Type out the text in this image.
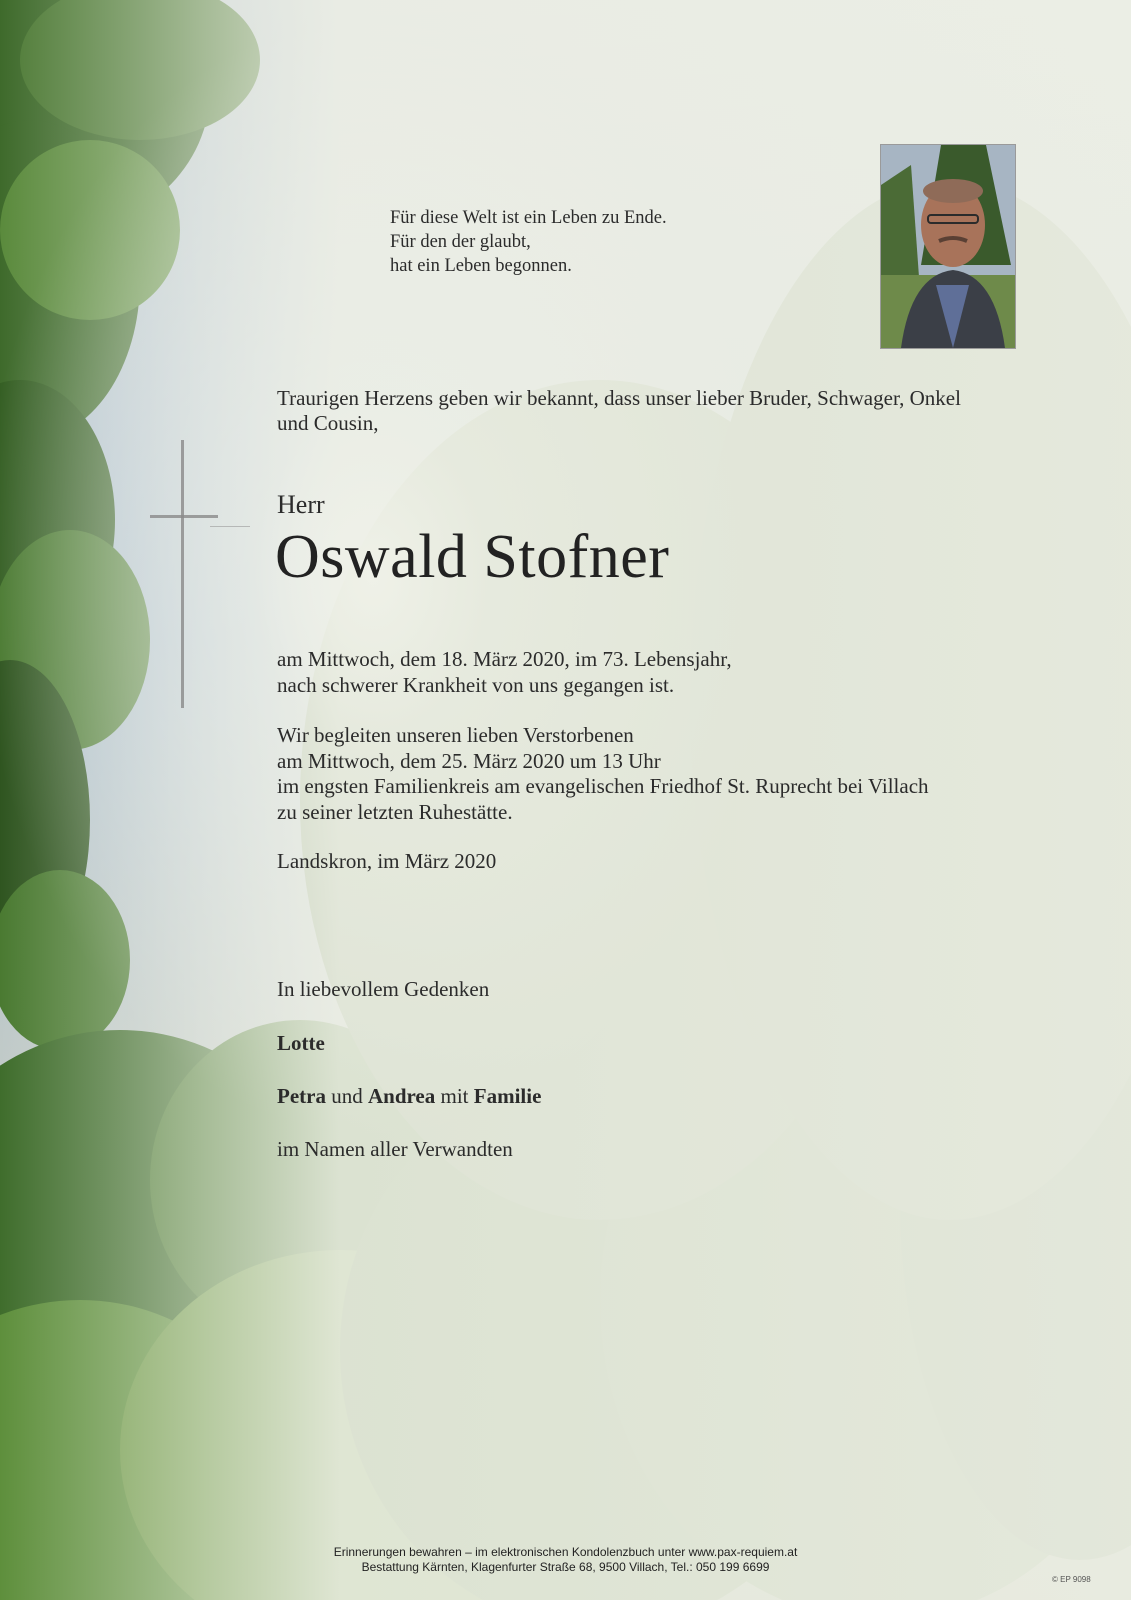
Für diese Welt ist ein Leben zu Ende.
Für den der glaubt,
hat ein Leben begonnen.
Traurigen Herzens geben wir bekannt, dass unser lieber Bruder, Schwager, Onkel
und Cousin,
Herr
Oswald Stofner
am Mittwoch, dem 18. März 2020, im 73. Lebensjahr,
nach schwerer Krankheit von uns gegangen ist.
Wir begleiten unseren lieben Verstorbenen
am Mittwoch, dem 25. März 2020 um 13 Uhr
im engsten Familienkreis am evangelischen Friedhof St. Ruprecht bei Villach
zu seiner letzten Ruhestätte.
Landskron, im März 2020
In liebevollem Gedenken
Lotte
Petra und Andrea mit Familie
im Namen aller Verwandten
Erinnerungen bewahren – im elektronischen Kondolenzbuch unter www.pax-requiem.at
Bestattung Kärnten, Klagenfurter Straße 68, 9500 Villach, Tel.: 050 199 6699
© EP 9098
